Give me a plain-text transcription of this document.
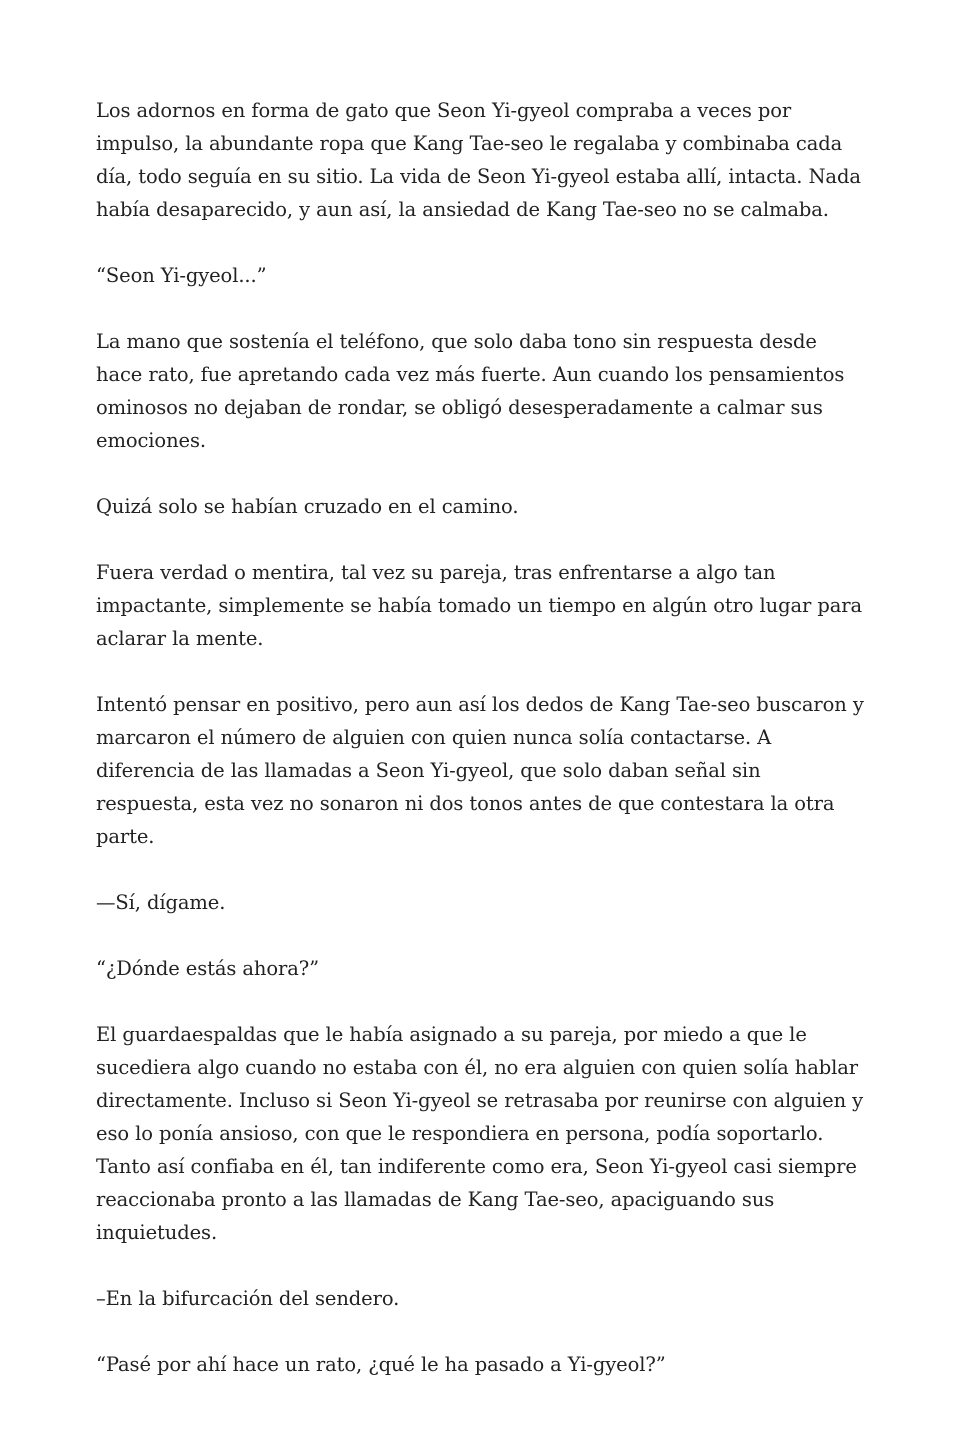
Los adornos en forma de gato que Seon Yi-gyeol compraba a veces por impulso, la abundante ropa que Kang Tae-seo le regalaba y combinaba cada día, todo seguía en su sitio. La vida de Seon Yi-gyeol estaba allí, intacta. Nada había desaparecido, y aun así, la ansiedad de Kang Tae-seo no se calmaba.

“Seon Yi-gyeol...”

La mano que sostenía el teléfono, que solo daba tono sin respuesta desde hace rato, fue apretando cada vez más fuerte. Aun cuando los pensamientos ominosos no dejaban de rondar, se obligó desesperadamente a calmar sus emociones.

Quizá solo se habían cruzado en el camino.

Fuera verdad o mentira, tal vez su pareja, tras enfrentarse a algo tan impactante, simplemente se había tomado un tiempo en algún otro lugar para aclarar la mente.

Intentó pensar en positivo, pero aun así los dedos de Kang Tae-seo buscaron y marcaron el número de alguien con quien nunca solía contactarse. A diferencia de las llamadas a Seon Yi-gyeol, que solo daban señal sin respuesta, esta vez no sonaron ni dos tonos antes de que contestara la otra parte.

—Sí, dígame.

“¿Dónde estás ahora?”

El guardaespaldas que le había asignado a su pareja, por miedo a que le sucediera algo cuando no estaba con él, no era alguien con quien solía hablar directamente. Incluso si Seon Yi-gyeol se retrasaba por reunirse con alguien y eso lo ponía ansioso, con que le respondiera en persona, podía soportarlo. Tanto así confiaba en él, tan indiferente como era, Seon Yi-gyeol casi siempre reaccionaba pronto a las llamadas de Kang Tae-seo, apaciguando sus inquietudes.

–En la bifurcación del sendero.

“Pasé por ahí hace un rato, ¿qué le ha pasado a Yi-gyeol?”
